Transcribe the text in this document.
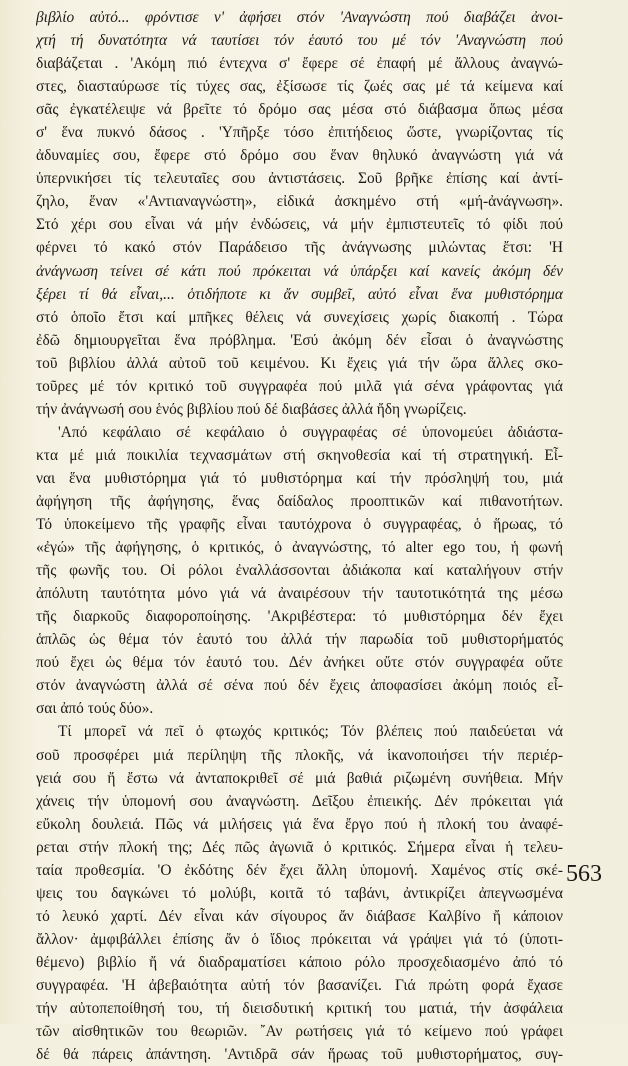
βιβλίο αὐτό... φρόντισε ν' ἀφήσει στόν 'Αναγνώστη πού διαβάζει ἀνοι-
χτή τή δυνατότητα νά ταυτίσει τόν ἑαυτό του μέ τόν 'Αναγνώστη πού
διαβάζεται . 'Ακόμη πιό έντεχνα σ' ἔφερε σέ ἐπαφή μέ ἄλλους ἀναγνώ-
στες, διασταύρωσε τίς τύχες σας, ἐξίσωσε τίς ζωές σας μέ τά κείμενα καί
σᾶς ἐγκατέλειψε νά βρεῖτε τό δρόμο σας μέσα στό διάβασμα ὅπως μέσα
σ' ἕνα πυκνό δάσος . 'Υπῆρξε τόσο ἐπιτήδειος ὥστε, γνωρίζοντας τίς
ἀδυναμίες σου, ἔφερε στό δρόμο σου ἕναν θηλυκό ἀναγνώστη γιά νά
ὑπερνικήσει τίς τελευταῖες σου ἀντιστάσεις. Σοῦ βρῆκε ἐπίσης καί ἀντί-
ζηλο, ἕναν «'Αντιαναγνώστη», εἰδικά ἀσκημένο στή «μή-ἀνάγνωση».
Στό χέρι σου εἶναι νά μήν ἐνδώσεις, νά μήν ἐμπιστευτεῖς τό φίδι πού
φέρνει τό κακό στόν Παράδεισο τῆς ἀνάγνωσης μιλώντας ἔτσι: 'Η
ἀνάγνωση τείνει σέ κάτι πού πρόκειται νά ὑπάρξει καί κανείς ἀκόμη δέν
ξέρει τί θά εἶναι,... ὁτιδήποτε κι ἄν συμβεῖ, αὐτό εἶναι ἕνα μυθιστόρημα
στό ὁποῖο ἔτσι καί μπῆκες θέλεις νά συνεχίσεις χωρίς διακοπή . Τώρα
ἐδῶ δημιουργεῖται ἕνα πρόβλημα. 'Εσύ ἀκόμη δέν εἶσαι ὁ ἀναγνώστης
τοῦ βιβλίου ἀλλά αὐτοῦ τοῦ κειμένου. Κι ἔχεις γιά τήν ὥρα ἄλλες σκο-
τοῦρες μέ τόν κριτικό τοῦ συγγραφέα πού μιλᾶ γιά σένα γράφοντας γιά
τήν ἀνάγνωσή σου ἑνός βιβλίου πού δέ διαβάσες ἀλλά ἤδη γνωρίζεις.
'Από κεφάλαιο σέ κεφάλαιο ὁ συγγραφέας σέ ὑπονομεύει ἀδιάστα-
κτα μέ μιά ποικιλία τεχνασμάτων στή σκηνοθεσία καί τή στρατηγική. Εἶ-
ναι ἕνα μυθιστόρημα γιά τό μυθιστόρημα καί τήν πρόσληψή του, μιά
ἀφήγηση τῆς ἀφήγησης, ἕνας δαίδαλος προοπτικῶν καί πιθανοτήτων.
Τό ὑποκείμενο τῆς γραφῆς εἶναι ταυτόχρονα ὁ συγγραφέας, ὁ ἥρωας, τό
«ἐγώ» τῆς ἀφήγησης, ὁ κριτικός, ὁ ἀναγνώστης, τό alter ego του, ἡ φωνή
τῆς φωνῆς του. Οἱ ρόλοι ἐναλλάσσονται ἀδιάκοπα καί καταλήγουν στήν
ἀπόλυτη ταυτότητα μόνο γιά νά ἀναιρέσουν τήν ταυτοτικότητά της μέσω
τῆς διαρκοῦς διαφοροποίησης. 'Ακριβέστερα: τό μυθιστόρημα δέν ἔχει
ἁπλῶς ὡς θέμα τόν ἑαυτό του ἀλλά τήν παρωδία τοῦ μυθιστορήματός
πού ἔχει ὡς θέμα τόν ἑαυτό του. Δέν ἀνήκει οὔτε στόν συγγραφέα οὔτε
στόν ἀναγνώστη ἀλλά σέ σένα πού δέν ἔχεις ἀποφασίσει ἀκόμη ποιός εἶ-
σαι ἀπό τούς δύο».
Τί μπορεῖ νά πεῖ ὁ φτωχός κριτικός; Τόν βλέπεις πού παιδεύεται νά
σοῦ προσφέρει μιά περίληψη τῆς πλοκῆς, νά ἱκανοποιήσει τήν περιέρ-
γειά σου ἤ ἔστω νά ἀνταποκριθεῖ σέ μιά βαθιά ριζωμένη συνήθεια. Μήν
χάνεις τήν ὑπομονή σου ἀναγνώστη. Δεῖξου ἐπιεικής. Δέν πρόκειται γιά
εὔκολη δουλειά. Πῶς νά μιλήσεις γιά ἕνα ἔργο πού ἡ πλοκή του ἀναφέ-
ρεται στήν πλοκή της; Δές πῶς ἀγωνιᾶ ὁ κριτικός. Σήμερα εἶναι ἡ τελευ-
ταία προθεσμία. 'Ο ἐκδότης δέν ἔχει ἄλλη ὑπομονή. Χαμένος στίς σκέ-
ψεις του δαγκώνει τό μολύβι, κοιτᾶ τό ταβάνι, ἀντικρίζει ἀπεγνωσμένα
τό λευκό χαρτί. Δέν εἶναι κάν σίγουρος ἄν διάβασε Καλβίνο ἤ κάποιον
ἄλλον· ἀμφιβάλλει ἐπίσης ἄν ὁ ἴδιος πρόκειται νά γράψει γιά τό (ὑποτι-
θέμενο) βιβλίο ἤ νά διαδραματίσει κάποιο ρόλο προσχεδιασμένο ἀπό τό
συγγραφέα. 'Η ἀβεβαιότητα αὐτή τόν βασανίζει. Γιά πρώτη φορά ἔχασε
τήν αὐτοπεποίθησή του, τή διεισδυτική κριτική του ματιά, τήν ἀσφάλεια
τῶν αἰσθητικῶν του θεωριῶν. ῎Αν ρωτήσεις γιά τό κείμενο πού γράφει
δέ θά πάρεις ἀπάντηση. 'Αντιδρᾶ σάν ἥρωας τοῦ μυθιστορήματος, συγ-
563
